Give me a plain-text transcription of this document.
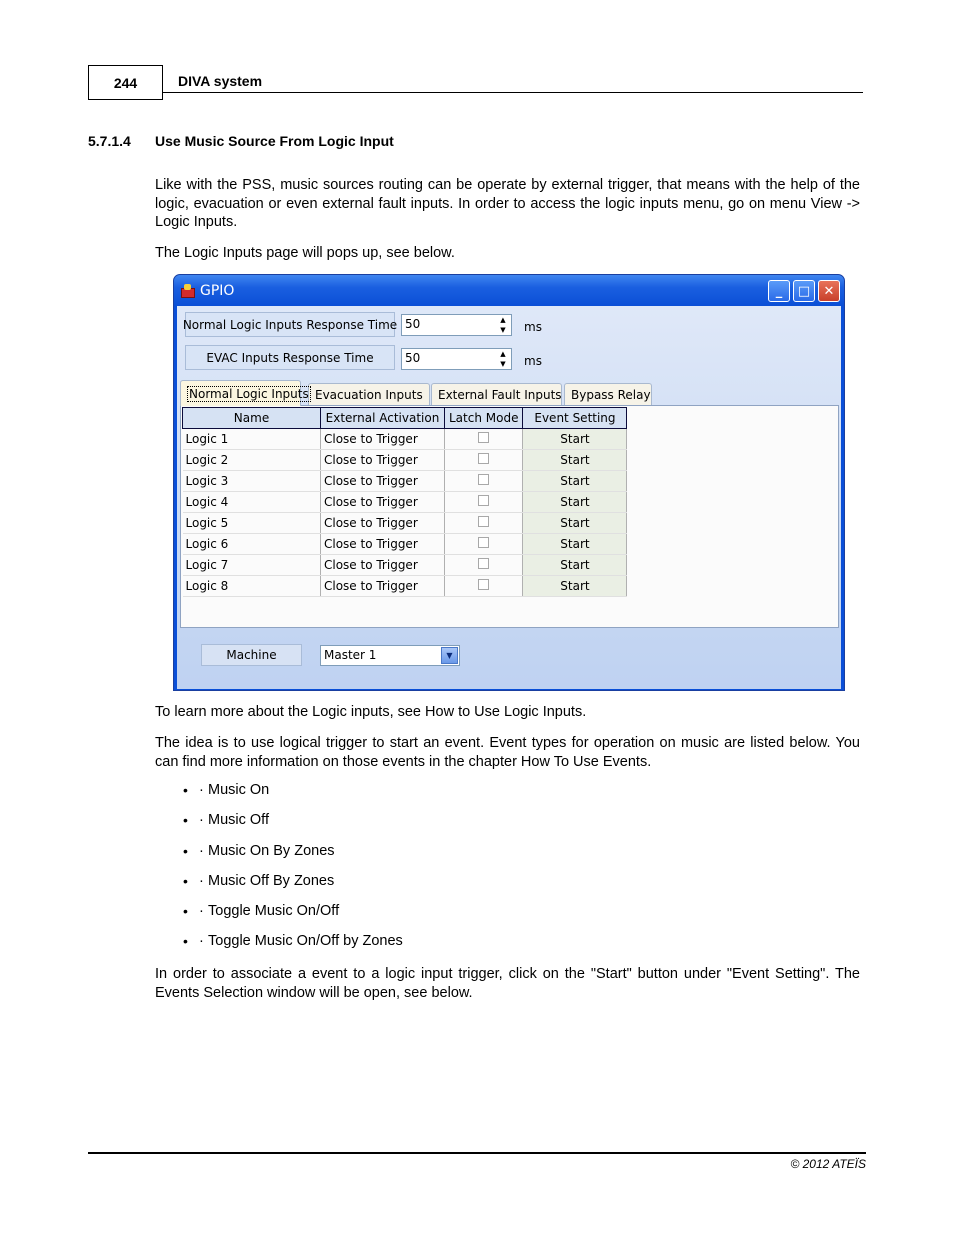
244	DIVA system
5.7.1.4 Use Music Source From Logic Input
Like with the PSS, music sources routing can be operate by external trigger, that means with the help of the logic, evacuation or even external fault inputs. In order to access the logic inputs menu, go on menu View -> Logic Inputs.
The Logic Inputs page will pops up, see below.
GPIO	_	□	✕
Normal Logic Inputs Response Time 50	▲
▼	ms
EVAC Inputs Response Time	50	▲
▼	ms
Normal Logic Inputs Evacuation Inputs	External Fault Inputs Bypass Relay
Name	External Activation	Latch Mode	Event Setting
Logic 1	Close to Trigger		Start
Logic 2	Close to Trigger		Start
Logic 3	Close to Trigger		Start
Logic 4	Close to Trigger		Start
Logic 5	Close to Trigger		Start
Logic 6	Close to Trigger		Start
Logic 7	Close to Trigger		Start
Logic 8	Close to Trigger		Start
Machine	Master 1	▼
To learn more about the Logic inputs, see How to Use Logic Inputs.
The idea is to use logical trigger to start an event. Event types for operation on music are listed below. You can find more information on those events in the chapter How To Use Events.
• · Music On
• · Music Off
• · Music On By Zones
• · Music Off By Zones
• · Toggle Music On/Off
• · Toggle Music On/Off by Zones
In order to associate a event to a logic input trigger, click on the "Start" button under "Event Setting". The Events Selection window will be open, see below.
© 2012 ATEÏS
